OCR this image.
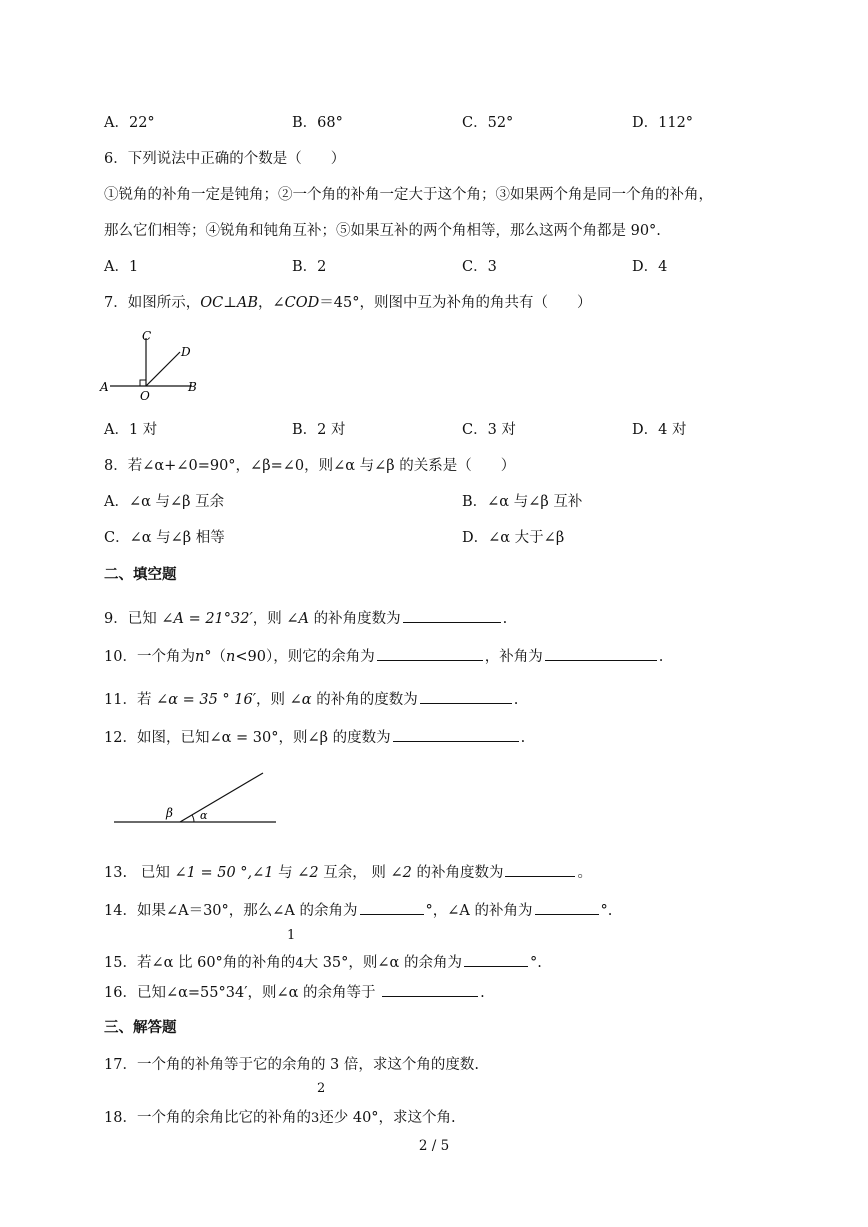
A．22°	B．68°	C．52°	D．112°
6．下列说法中正确的个数是（　　）
①锐角的补角一定是钝角；②一个角的补角一定大于这个角；③如果两个角是同一个角的补角，
那么它们相等；④锐角和钝角互补；⑤如果互补的两个角相等，那么这两个角都是 90°.
A．1	B．2	C．3	D．4
7．如图所示，OC⊥AB，∠COD＝45°，则图中互为补角的角共有（　　）
C
D
A
O
B
A．1 对	B．2 对	C．3 对	D．4 对
8．若∠α+∠0=90°，∠β=∠0，则∠α 与∠β 的关系是（　　）
A．∠α 与∠β 互余	B．∠α 与∠β 互补
C．∠α 与∠β 相等	D．∠α 大于∠β
二、填空题
9．已知 ∠A = 21°32′，则 ∠A 的补角度数为	.
10．一个角为n°（n<90），则它的余角为	，补角为	.
11．若 ∠α = 35 ° 16′，则 ∠α 的补角的度数为	.
12．如图，已知∠α = 30°，则∠β 的度数为	.
β α
13. 已知 ∠1 = 50 °,∠1 与 ∠2 互余， 则 ∠2 的补角度数为	。
14．如果∠A＝30°，那么∠A 的余角为	°，∠A 的补角为	°.
1
15．若∠α 比 60°角的补角的4大 35°，则∠α 的余角为	°.
16．已知∠α=55°34′，则∠α 的余角等于	.
三、解答题
17．一个角的补角等于它的余角的 3 倍，求这个角的度数.
2
18．一个角的余角比它的补角的3还少 40°，求这个角.
2 / 5
